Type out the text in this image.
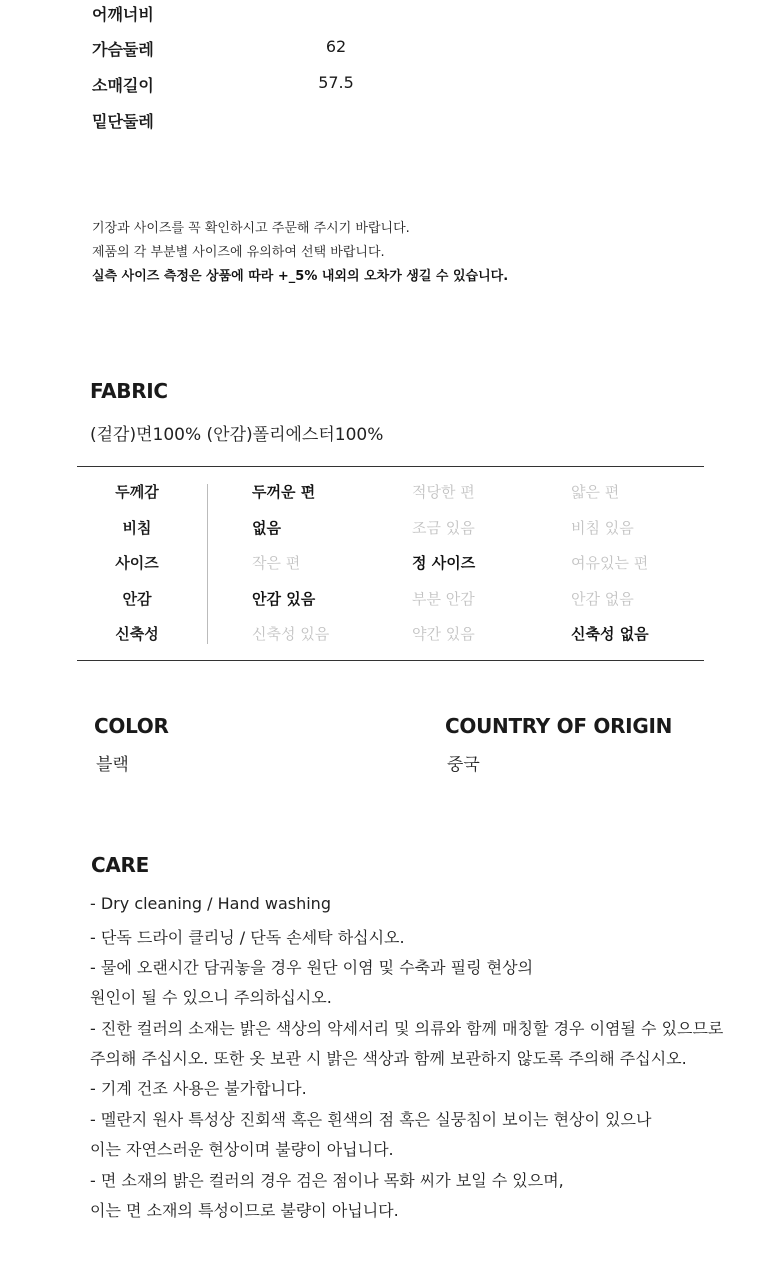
어깨너비
가슴둘레	62
소매길이	57.5
밑단둘레
기장과 사이즈를 꼭 확인하시고 주문해 주시기 바랍니다.
제품의 각 부분별 사이즈에 유의하여 선택 바랍니다.
실측 사이즈 측정은 상품에 따라 +_5% 내외의 오차가 생길 수 있습니다.
FABRIC
(겉감)면100% (안감)폴리에스터100%
두께감	두꺼운 편	적당한 편	얇은 편
비침	없음	조금 있음	비침 있음
사이즈	작은 편	정 사이즈	여유있는 편
안감	안감 있음	부분 안감	안감 없음
신축성	신축성 있음	약간 있음	신축성 없음
COLOR
블랙
COUNTRY OF ORIGIN
중국
CARE
- Dry cleaning / Hand washing
- 단독 드라이 클리닝 / 단독 손세탁 하십시오.
- 물에 오랜시간 담궈놓을 경우 원단 이염 및 수축과 필링 현상의
원인이 될 수 있으니 주의하십시오.
- 진한 컬러의 소재는 밝은 색상의 악세서리 및 의류와 함께 매칭할 경우 이염될 수 있으므로
주의해 주십시오. 또한 옷 보관 시 밝은 색상과 함께 보관하지 않도록 주의해 주십시오.
- 기계 건조 사용은 불가합니다.
- 멜란지 원사 특성상 진회색 혹은 흰색의 점 혹은 실뭉침이 보이는 현상이 있으나
이는 자연스러운 현상이며 불량이 아닙니다.
- 면 소재의 밝은 컬러의 경우 검은 점이나 목화 씨가 보일 수 있으며,
이는 면 소재의 특성이므로 불량이 아닙니다.
